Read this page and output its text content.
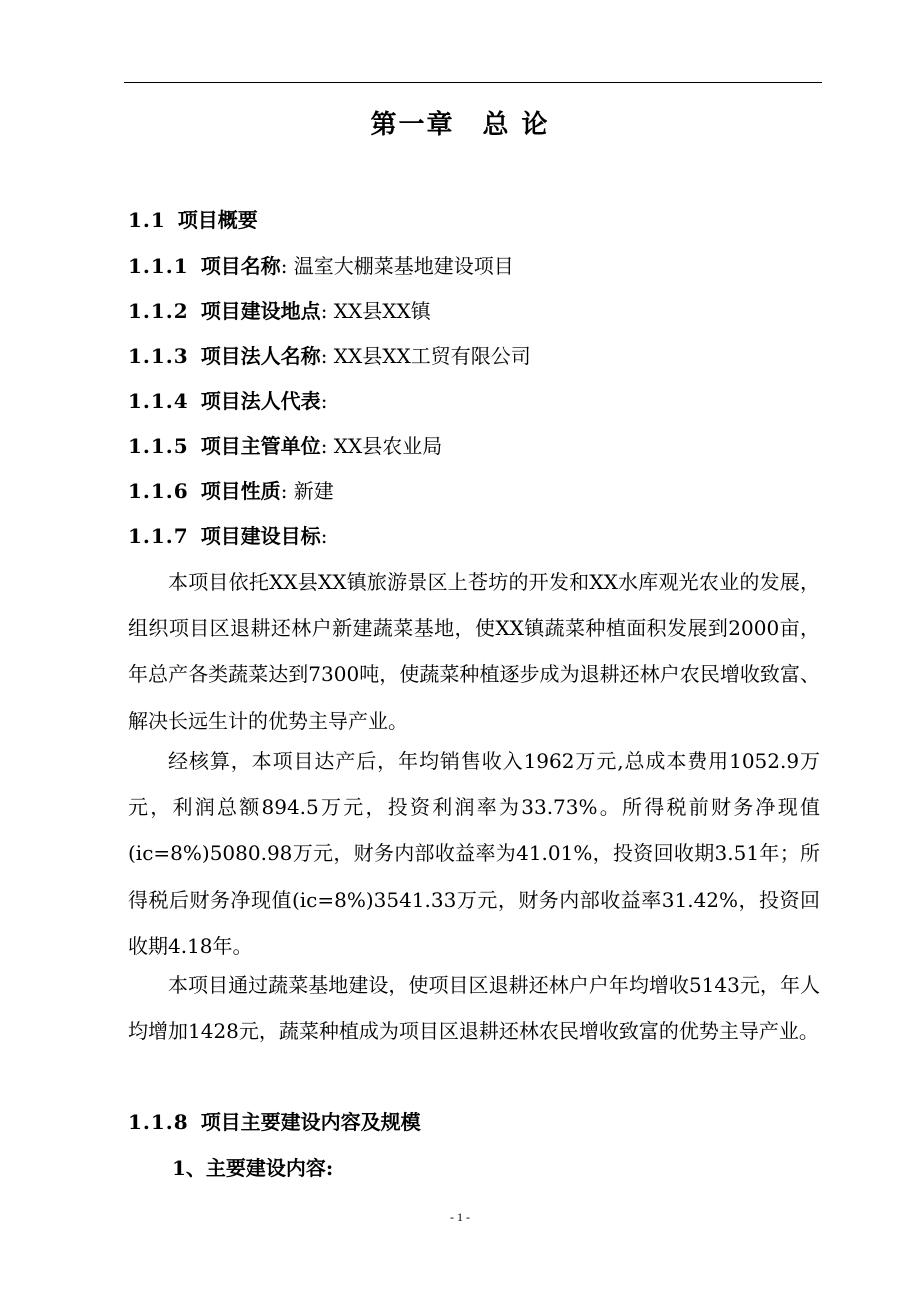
第一章 总 论
1.1 项目概要
1.1.1 项目名称: 温室大棚菜基地建设项目
1.1.2 项目建设地点: XX县XX镇
1.1.3 项目法人名称: XX县XX工贸有限公司
1.1.4 项目法人代表:
1.1.5 项目主管单位: XX县农业局
1.1.6 项目性质: 新建
1.1.7 项目建设目标:
本项目依托XX县XX镇旅游景区上苍坊的开发和XX水库观光农业的发展，组织项目区退耕还林户新建蔬菜基地，使XX镇蔬菜种植面积发展到2000亩，年总产各类蔬菜达到7300吨，使蔬菜种植逐步成为退耕还林户农民增收致富、解决长远生计的优势主导产业。
经核算，本项目达产后，年均销售收入1962万元,总成本费用1052.9万元，利润总额894.5万元，投资利润率为33.73%。所得税前财务净现值(ic=8%)5080.98万元，财务内部收益率为41.01%，投资回收期3.51年；所得税后财务净现值(ic=8%)3541.33万元，财务内部收益率31.42%，投资回收期4.18年。
本项目通过蔬菜基地建设，使项目区退耕还林户户年均增收5143元，年人均增加1428元，蔬菜种植成为项目区退耕还林农民增收致富的优势主导产业。
1.1.8 项目主要建设内容及规模
1、主要建设内容:
- 1 -
